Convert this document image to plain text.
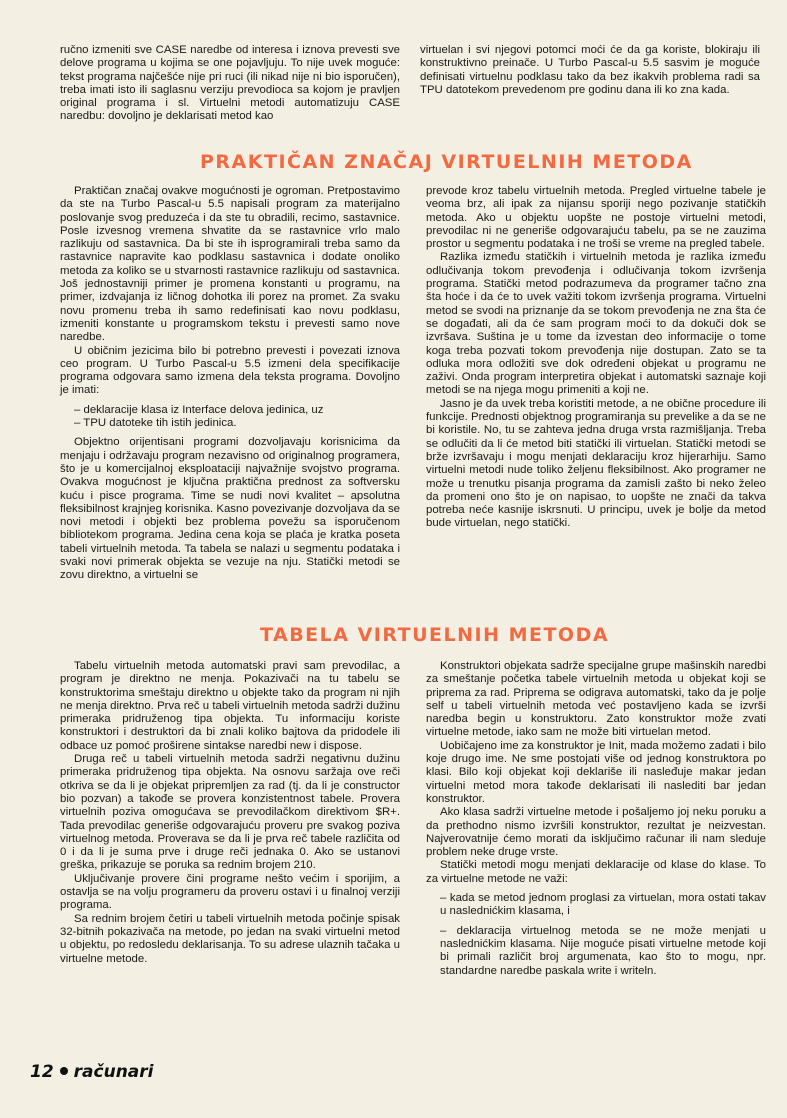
ručno izmeniti sve CASE naredbe od interesa i iznova prevesti sve delove programa u kojima se one pojavljuju. To nije uvek moguće: tekst programa najčešće nije pri ruci (ili nikad nije ni bio isporučen), treba imati isto ili saglasnu verziju prevodioca sa kojom je pravljen original programa i sl. Virtuelni metodi automatizuju CASE naredbu: dovoljno je deklarisati metod kao

virtuelan i svi njegovi potomci moći će da ga koriste, blokiraju ili konstruktivno preinače. U Turbo Pascal-u 5.5 sasvim je moguće definisati virtuelnu podklasu tako da bez ikakvih problema radi sa TPU datotekom prevedenom pre godinu dana ili ko zna kada.

PRAKTIČAN ZNAČAJ VIRTUELNIH METODA

Praktičan značaj ovakve mogućnosti je ogroman. Pretpostavimo da ste na Turbo Pascal-u 5.5 napisali program za materijalno poslovanje svog preduzeća i da ste tu obradili, recimo, sastavnice. Posle izvesnog vremena shvatite da se rastavnice vrlo malo razlikuju od sastavnica. Da bi ste ih isprogramirali treba samo da rastavnice napravite kao podklasu sastavnica i dodate onoliko metoda za koliko se u stvarnosti rastavnice razlikuju od sastavnica. Još jednostavniji primer je promena konstanti u programu, na primer, izdvajanja iz ličnog dohotka ili porez na promet. Za svaku novu promenu treba ih samo redefinisati kao novu podklasu, izmeniti konstante u programskom tekstu i prevesti samo nove naredbe.

U običnim jezicima bilo bi potrebno prevesti i povezati iznova ceo program. U Turbo Pascal-u 5.5 izmeni dela specifikacije programa odgovara samo izmena dela teksta programa. Dovoljno je imati:

– deklaracije klasa iz Interface delova jedinica, uz

– TPU datoteke tih istih jedinica.

Objektno orijentisani programi dozvoljavaju korisnicima da menjaju i održavaju program nezavisno od originalnog programera, što je u komercijalnoj eksploataciji najvažnije svojstvo programa. Ovakva mogućnost je ključna praktična prednost za softversku kuću i pisce programa. Time se nudi novi kvalitet – apsolutna fleksibilnost krajnjeg korisnika. Kasno povezivanje dozvoljava da se novi metodi i objekti bez problema povežu sa isporučenom bibliotekom programa. Jedina cena koja se plaća je kratka poseta tabeli virtuelnih metoda. Ta tabela se nalazi u segmentu podataka i svaki novi primerak objekta se vezuje na nju. Statički metodi se zovu direktno, a virtuelni se

prevode kroz tabelu virtuelnih metoda. Pregled virtuelne tabele je veoma brz, ali ipak za nijansu sporiji nego pozivanje statičkih metoda. Ako u objektu uopšte ne postoje virtuelni metodi, prevodilac ni ne generiše odgovarajuću tabelu, pa se ne zauzima prostor u segmentu podataka i ne troši se vreme na pregled tabele.

Razlika između statičkih i virtuelnih metoda je razlika između odlučivanja tokom prevođenja i odlučivanja tokom izvršenja programa. Statički metod podrazumeva da programer tačno zna šta hoće i da će to uvek važiti tokom izvršenja programa. Virtuelni metod se svodi na priznanje da se tokom prevođenja ne zna šta će se događati, ali da će sam program moći to da dokuči dok se izvršava. Suština je u tome da izvestan deo informacije o tome koga treba pozvati tokom prevođenja nije dostupan. Zato se ta odluka mora odložiti sve dok određeni objekat u programu ne zaživi. Onda program interpretira objekat i automatski saznaje koji metodi se na njega mogu primeniti a koji ne.

Jasno je da uvek treba koristiti metode, a ne obične procedure ili funkcije. Prednosti objektnog programiranja su prevelike a da se ne bi koristile. No, tu se zahteva jedna druga vrsta razmišljanja. Treba se odlučiti da li će metod biti statički ili virtuelan. Statički metodi se brže izvršavaju i mogu menjati deklaraciju kroz hijerarhiju. Samo virtuelni metodi nude toliko željenu fleksibilnost. Ako programer ne može u trenutku pisanja programa da zamisli zašto bi neko želeo da promeni ono što je on napisao, to uopšte ne znači da takva potreba neće kasnije iskrsnuti. U principu, uvek je bolje da metod bude virtuelan, nego statički.

TABELA VIRTUELNIH METODA

Tabelu virtuelnih metoda automatski pravi sam prevodilac, a program je direktno ne menja. Pokazivači na tu tabelu se konstruktorima smeštaju direktno u objekte tako da program ni njih ne menja direktno. Prva reč u tabeli virtuelnih metoda sadrži dužinu primeraka pridruženog tipa objekta. Tu informaciju koriste konstruktori i destruktori da bi znali koliko bajtova da pridodele ili odbace uz pomoć proširene sintakse naredbi new i dispose.

Druga reč u tabeli virtuelnih metoda sadrži negativnu dužinu primeraka pridruženog tipa objekta. Na osnovu saržaja ove reči otkriva se da li je objekat pripremljen za rad (tj. da li je constructor bio pozvan) a takođe se provera konzistentnost tabele. Provera virtuelnih poziva omogućava se prevodilačkom direktivom $R+. Tada prevodilac generiše odgovarajuću proveru pre svakog poziva virtuelnog metoda. Proverava se da li je prva reč tabele različita od 0 i da li je suma prve i druge reči jednaka 0. Ako se ustanovi greška, prikazuje se poruka sa rednim brojem 210.

Uključivanje provere čini programe nešto većim i sporijim, a ostavlja se na volju programeru da proveru ostavi i u finalnoj verziji programa.

Sa rednim brojem četiri u tabeli virtuelnih metoda počinje spisak 32-bitnih pokazivača na metode, po jedan na svaki virtuelni metod u objektu, po redosledu deklarisanja. To su adrese ulaznih tačaka u virtuelne metode.

Konstruktori objekata sadrže specijalne grupe mašinskih naredbi za smeštanje početka tabele virtuelnih metoda u objekat koji se priprema za rad. Priprema se odigrava automatski, tako da je polje self u tabeli virtuelnih metoda već postavljeno kada se izvrši naredba begin u konstruktoru. Zato konstruktor može zvati virtuelne metode, iako sam ne može biti virtuelan metod.

Uobičajeno ime za konstruktor je Init, mada možemo zadati i bilo koje drugo ime. Ne sme postojati više od jednog konstruktora po klasi. Bilo koji objekat koji deklariše ili nasleđuje makar jedan virtuelni metod mora takođe deklarisati ili naslediti bar jedan konstruktor.

Ako klasa sadrži virtuelne metode i pošaljemo joj neku poruku a da prethodno nismo izvršili konstruktor, rezultat je neizvestan. Najverovatnije ćemo morati da isključimo računar ili nam sleduje problem neke druge vrste.

Statički metodi mogu menjati deklaracije od klase do klase. To za virtuelne metode ne važi:

– kada se metod jednom proglasi za virtuelan, mora ostati takav u naslednićkim klasama, i

– deklaracija virtuelnog metoda se ne može menjati u naslednićkim klasama. Nije moguće pisati virtuelne metode koji bi primali različit broj argumenata, kao što to mogu, npr. standardne naredbe paskala write i writeln.

12 računari
